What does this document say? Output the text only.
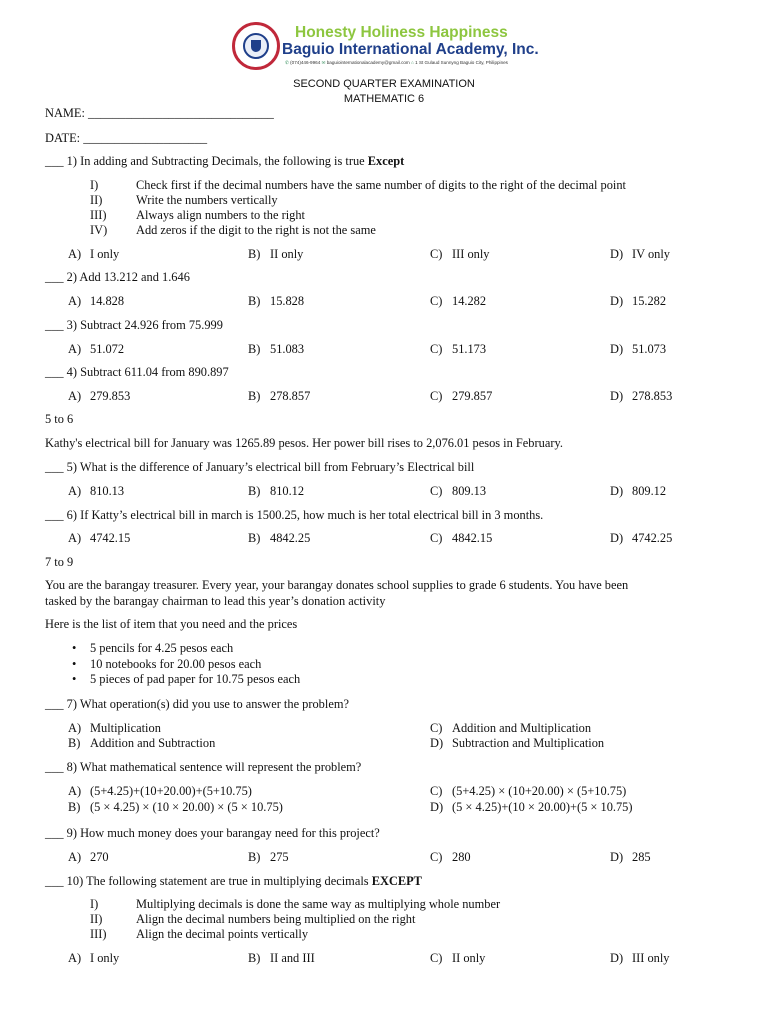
Honesty Holiness Happiness
Baguio International Academy, Inc.
✆ (074)446-9964 ✉ baguiointernationalacademy@gmail.com ⌂ 1 St Gulaud Sunnyng Baguio City, Philippines
SECOND QUARTER EXAMINATION
MATHEMATIC 6
NAME: ______________________________
DATE: ____________________
___ 1) In adding and Subtracting Decimals, the following is true Except
I)	Check first if the decimal numbers have the same number of digits to the right of the decimal point
II)	Write the numbers vertically
III) Always align numbers to the right
IV) Add zeros if the digit to the right is not the same
A) I only	B) II only	C) III only	D) IV only
___ 2) Add 13.212 and 1.646
A) 14.828	B) 15.828	C) 14.282	D) 15.282
___ 3) Subtract 24.926 from 75.999
A) 51.072	B) 51.083	C) 51.173	D) 51.073
___ 4) Subtract 611.04 from 890.897
A) 279.853	B) 278.857	C) 279.857	D) 278.853
5 to 6
Kathy's electrical bill for January was 1265.89 pesos. Her power bill rises to 2,076.01 pesos in February.
___ 5) What is the difference of January’s electrical bill from February’s Electrical bill
A) 810.13	B) 810.12	C) 809.13	D) 809.12
___ 6) If Katty’s electrical bill in march is 1500.25, how much is her total electrical bill in 3 months.
A) 4742.15	B) 4842.25	C) 4842.15	D) 4742.25
7 to 9
You are the barangay treasurer. Every year, your barangay donates school supplies to grade 6 students. You have been
tasked by the barangay chairman to lead this year’s donation activity
Here is the list of item that you need and the prices
• 5 pencils for 4.25 pesos each
• 10 notebooks for 20.00 pesos each
• 5 pieces of pad paper for 10.75 pesos each
___ 7) What operation(s) did you use to answer the problem?
A) Multiplication
B) Addition and Subtraction
C) Addition and Multiplication
D) Subtraction and Multiplication
___ 8) What mathematical sentence will represent the problem?
A) (5+4.25)+(10+20.00)+(5+10.75)
B) (5 × 4.25) × (10 × 20.00) × (5 × 10.75)
C) (5+4.25) × (10+20.00) × (5+10.75)
D) (5 × 4.25)+(10 × 20.00)+(5 × 10.75)
___ 9) How much money does your barangay need for this project?
A) 270	B) 275	C) 280	D) 285
___ 10) The following statement are true in multiplying decimals EXCEPT
I)	Multiplying decimals is done the same way as multiplying whole number
II)	Align the decimal numbers being multiplied on the right
III) Align the decimal points vertically
A) I only	B) II and III	C) II only	D) III only
